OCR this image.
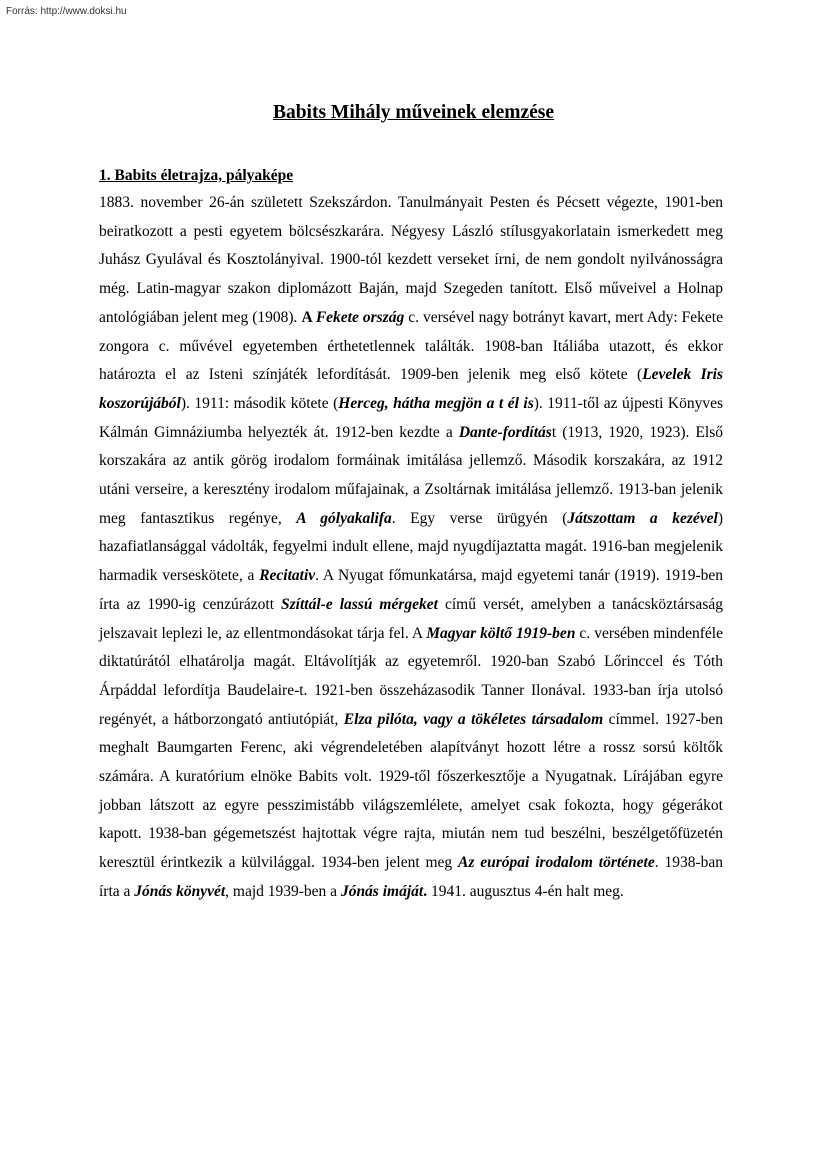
Forrás: http://www.doksi.hu
Babits Mihály műveinek elemzése
1. Babits életrajza, pályaképe

1883. november 26-án született Szekszárdon. Tanulmányait Pesten és Pécsett végezte, 1901-ben beiratkozott a pesti egyetem bölcsészkarára. Négyesy László stílusgyakorlatain ismerkedett meg Juhász Gyulával és Kosztolányival. 1900-tól kezdett verseket írni, de nem gondolt nyilvánosságra még. Latin-magyar szakon diplomázott Baján, majd Szegeden tanított. Első műveivel a Holnap antológiában jelent meg (1908). A Fekete ország c. versével nagy botrányt kavart, mert Ady: Fekete zongora c. művével egyetemben érthetetlennek találták. 1908-ban Itáliába utazott, és ekkor határozta el az Isteni színjáték lefordítását. 1909-ben jelenik meg első kötete (Levelek Iris koszorújából). 1911: második kötete (Herceg, hátha megjön a t él is). 1911-től az újpesti Könyves Kálmán Gimnáziumba helyezték át. 1912-ben kezdte a Dante-fordítást (1913, 1920, 1923). Első korszakára az antik görög irodalom formáinak imitálása jellemző. Második korszakára, az 1912 utáni verseire, a keresztény irodalom műfajainak, a Zsoltárnak imitálása jellemző. 1913-ban jelenik meg fantasztikus regénye, A gólyakalifa. Egy verse ürügyén (Játszottam a kezével) hazafiatlansággal vádolták, fegyelmi indult ellene, majd nyugdíjaztatta magát. 1916-ban megjelenik harmadik verseskötete, a Recitativ. A Nyugat főmunkatársa, majd egyetemi tanár (1919). 1919-ben írta az 1990-ig cenzúrázott Szíttál-e lassú mérgeket című versét, amelyben a tanácsköztársaság jelszavait leplezi le, az ellentmondásokat tárja fel. A Magyar költő 1919-ben c. versében mindenféle diktatúrától elhatárolja magát. Eltávolítják az egyetemről. 1920-ban Szabó Lőrinccel és Tóth Árpáddal lefordítja Baudelaire-t. 1921-ben összeházasodik Tanner Ilonával. 1933-ban írja utolsó regényét, a hátborzongató antiutópiát, Elza pilóta, vagy a tökéletes társadalom címmel. 1927-ben meghalt Baumgarten Ferenc, aki végrendeletében alapítványt hozott létre a rossz sorsú költők számára. A kuratórium elnöke Babits volt. 1929-től főszerkesztője a Nyugatnak. Lírájában egyre jobban látszott az egyre pesszimistább világszemlélete, amelyet csak fokozta, hogy gégerákot kapott. 1938-ban gégemetszést hajtottak végre rajta, miután nem tud beszélni, beszélgetőfüzetén keresztül érintkezik a külvilággal. 1934-ben jelent meg Az európai irodalom története. 1938-ban írta a Jónás könyvét, majd 1939-ben a Jónás imáját. 1941. augusztus 4-én halt meg.
